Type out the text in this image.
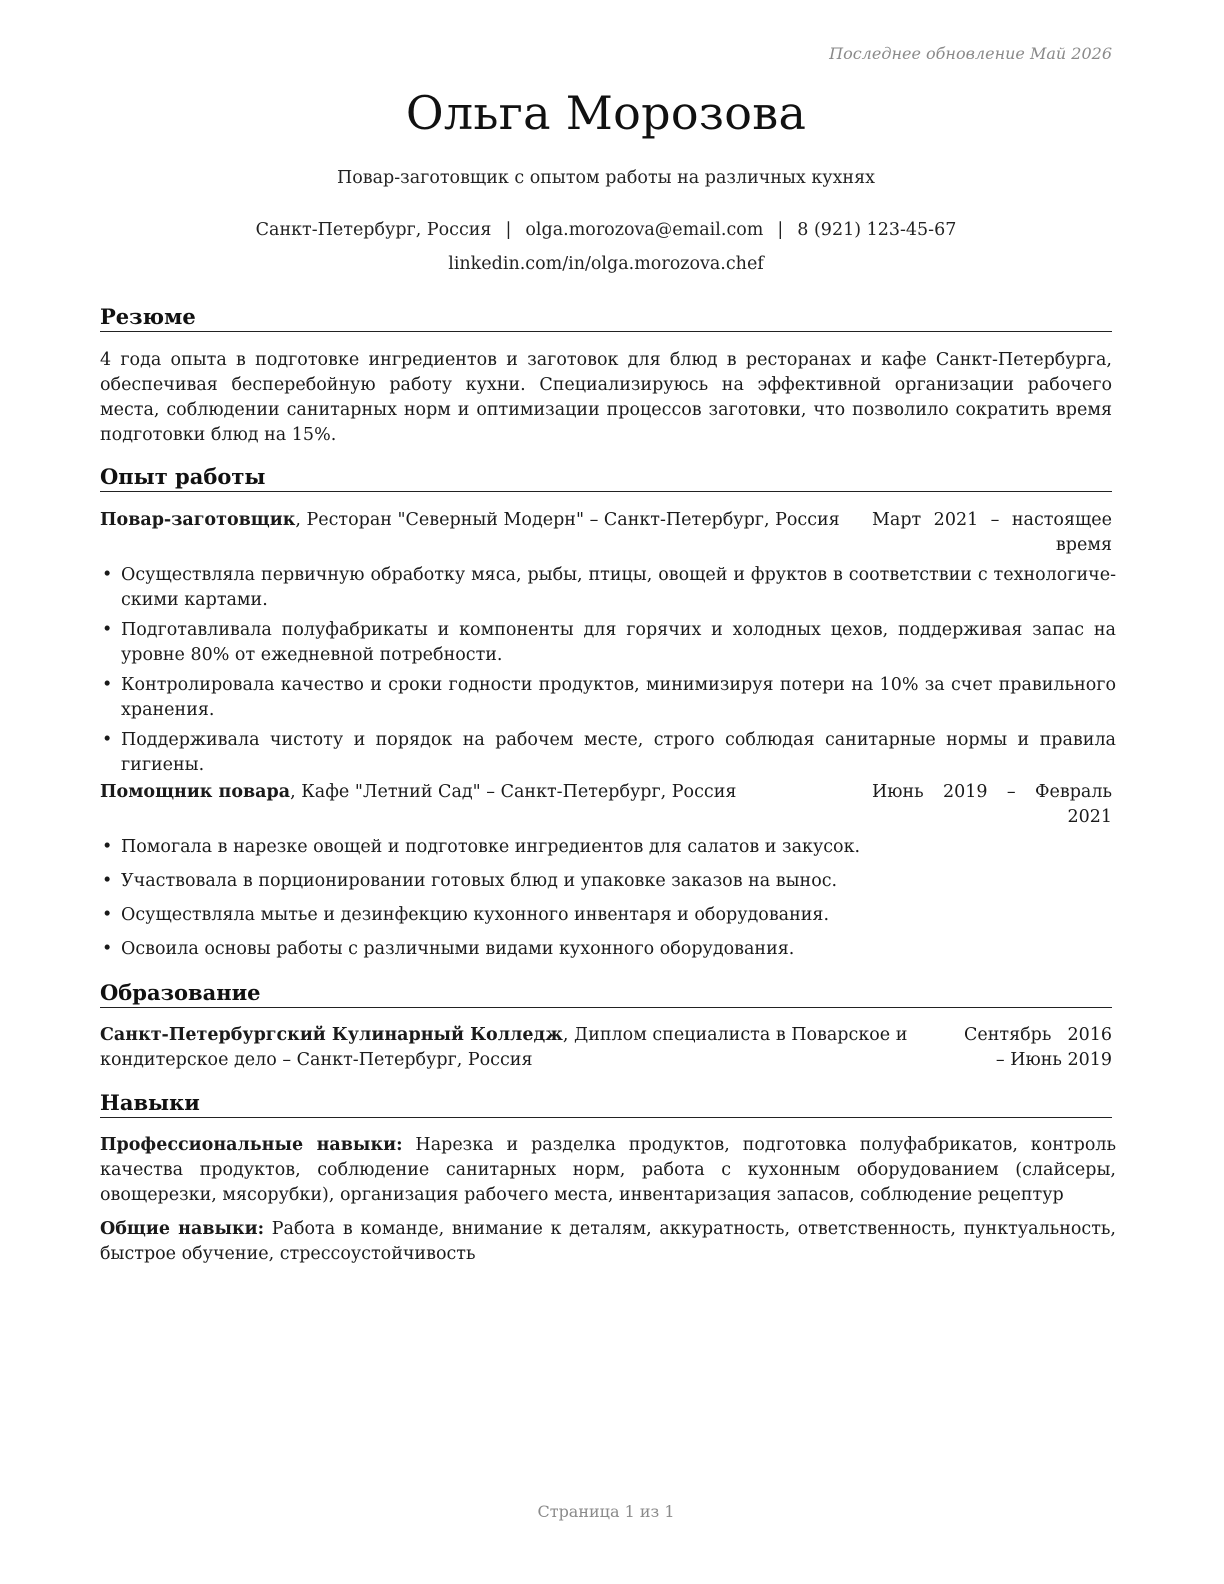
Последнее обновление Май 2026
Ольга Морозова
Повар-заготовщик с опытом работы на различных кухнях
Санкт-Петербург, Россия | olga.morozova@email.com | 8 (921) 123-45-67
linkedin.com/in/olga.morozova.chef
Резюме
4 года опыта в подготовке ингредиентов и заготовок для блюд в ресторанах и кафе Санкт-Петербурга, обеспечивая бесперебойную работу кухни. Специализируюсь на эффективной организации рабочего места, соблюдении санитарных норм и оптимизации процессов заготовки, что позволило сократить время подготовки блюд на 15%.
Опыт работы
Повар-заготовщик, Ресторан "Северный Модерн" – Санкт-Петербург, Россия	Март 2021 – настоящее время
• Осуществляла первичную обработку мяса, рыбы, птицы, овощей и фруктов в соответствии с технологическими картами.
• Подготавливала полуфабрикаты и компоненты для горячих и холодных цехов, поддерживая запас на уровне 80% от ежедневной потребности.
• Контролировала качество и сроки годности продуктов, минимизируя потери на 10% за счет правильного хранения.
• Поддерживала чистоту и порядок на рабочем месте, строго соблюдая санитарные нормы и правила гигиены.
Помощник повара, Кафе "Летний Сад" – Санкт-Петербург, Россия	Июнь 2019 – Февраль 2021
• Помогала в нарезке овощей и подготовке ингредиентов для салатов и закусок.
• Участвовала в порционировании готовых блюд и упаковке заказов на вынос.
• Осуществляла мытье и дезинфекцию кухонного инвентаря и оборудования.
• Освоила основы работы с различными видами кухонного оборудования.
Образование
Санкт-Петербургский Кулинарный Колледж, Диплом специалиста в Поварское и кондитерское дело – Санкт-Петербург, Россия
Сентябрь 2016 – Июнь 2019
Навыки
Профессиональные навыки: Нарезка и разделка продуктов, подготовка полуфабрикатов, контроль качества продуктов, соблюдение санитарных норм, работа с кухонным оборудованием (слайсеры, овощерезки, мясорубки), организация рабочего места, инвентаризация запасов, соблюдение рецептур
Общие навыки: Работа в команде, внимание к деталям, аккуратность, ответственность, пунктуальность, быстрое обучение, стрессоустойчивость
Страница 1 из 1
